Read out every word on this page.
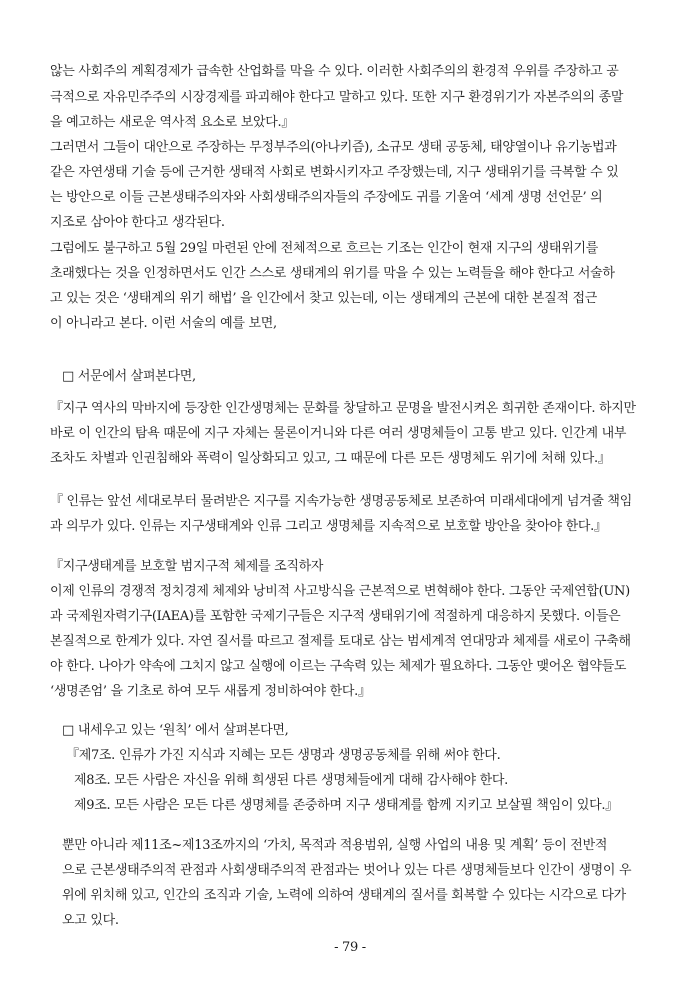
않는 사회주의 계획경제가 급속한 산업화를 막을 수 있다. 이러한 사회주의의 환경적 우위를 주장하고 공
극적으로 자유민주주의 시장경제를 파괴해야 한다고 말하고 있다. 또한 지구 환경위기가 자본주의의 종말
을 예고하는 새로운 역사적 요소로 보았다.』
그러면서 그들이 대안으로 주장하는 무정부주의(아나키즘), 소규모 생태 공동체, 태양열이나 유기농법과
같은 자연생태 기술 등에 근거한 생태적 사회로 변화시키자고 주장했는데, 지구 생태위기를 극복할 수 있
는 방안으로 이들 근본생태주의자와 사회생태주의자들의 주장에도 귀를 기울여 ‘세계 생명 선언문’ 의
지조로 삼아야 한다고 생각된다.
그럼에도 불구하고 5월 29일 마련된 안에 전체적으로 흐르는 기조는 인간이 현재 지구의 생태위기를
초래했다는 것을 인정하면서도 인간 스스로 생태계의 위기를 막을 수 있는 노력들을 해야 한다고 서술하
고 있는 것은 ‘생태계의 위기 해법’ 을 인간에서 찾고 있는데, 이는 생태계의 근본에 대한 본질적 접근
이 아니라고 본다. 이런 서술의 예를 보면,
□ 서문에서 살펴본다면,
『지구 역사의 막바지에 등장한 인간생명체는 문화를 창달하고 문명을 발전시켜온 희귀한 존재이다. 하지만
바로 이 인간의 탐욕 때문에 지구 자체는 물론이거니와 다른 여러 생명체들이 고통 받고 있다. 인간계 내부
조차도 차별과 인권침해와 폭력이 일상화되고 있고, 그 때문에 다른 모든 생명체도 위기에 처해 있다.』
『 인류는 앞선 세대로부터 물려받은 지구를 지속가능한 생명공동체로 보존하여 미래세대에게 넘겨줄 책임
과 의무가 있다. 인류는 지구생태계와 인류 그리고 생명체를 지속적으로 보호할 방안을 찾아야 한다.』
『지구생태계를 보호할 범지구적 체제를 조직하자
이제 인류의 경쟁적 정치경제 체제와 낭비적 사고방식을 근본적으로 변혁해야 한다. 그동안 국제연합(UN)
과 국제원자력기구(IAEA)를 포함한 국제기구들은 지구적 생태위기에 적절하게 대응하지 못했다. 이들은
본질적으로 한계가 있다. 자연 질서를 따르고 절제를 토대로 삼는 범세계적 연대망과 체제를 새로이 구축해
야 한다. 나아가 약속에 그치지 않고 실행에 이르는 구속력 있는 체제가 필요하다. 그동안 맺어온 협약들도
‘생명존엄’ 을 기초로 하여 모두 새롭게 정비하여야 한다.』
□ 내세우고 있는 ‘원칙’ 에서 살펴본다면,
『제7조. 인류가 가진 지식과 지혜는 모든 생명과 생명공동체를 위해 써야 한다.
제8조. 모든 사람은 자신을 위해 희생된 다른 생명체들에게 대해 감사해야 한다.
제9조. 모든 사람은 모든 다른 생명체를 존중하며 지구 생태계를 함께 지키고 보살필 책임이 있다.』
뿐만 아니라 제11조~제13조까지의 ‘가치, 목적과 적용범위, 실행 사업의 내용 및 계획’ 등이 전반적
으로 근본생태주의적 관점과 사회생태주의적 관점과는 벗어나 있는 다른 생명체들보다 인간이 생명이 우
위에 위치해 있고, 인간의 조직과 기술, 노력에 의하여 생태계의 질서를 회복할 수 있다는 시각으로 다가
오고 있다.
- 79 -
